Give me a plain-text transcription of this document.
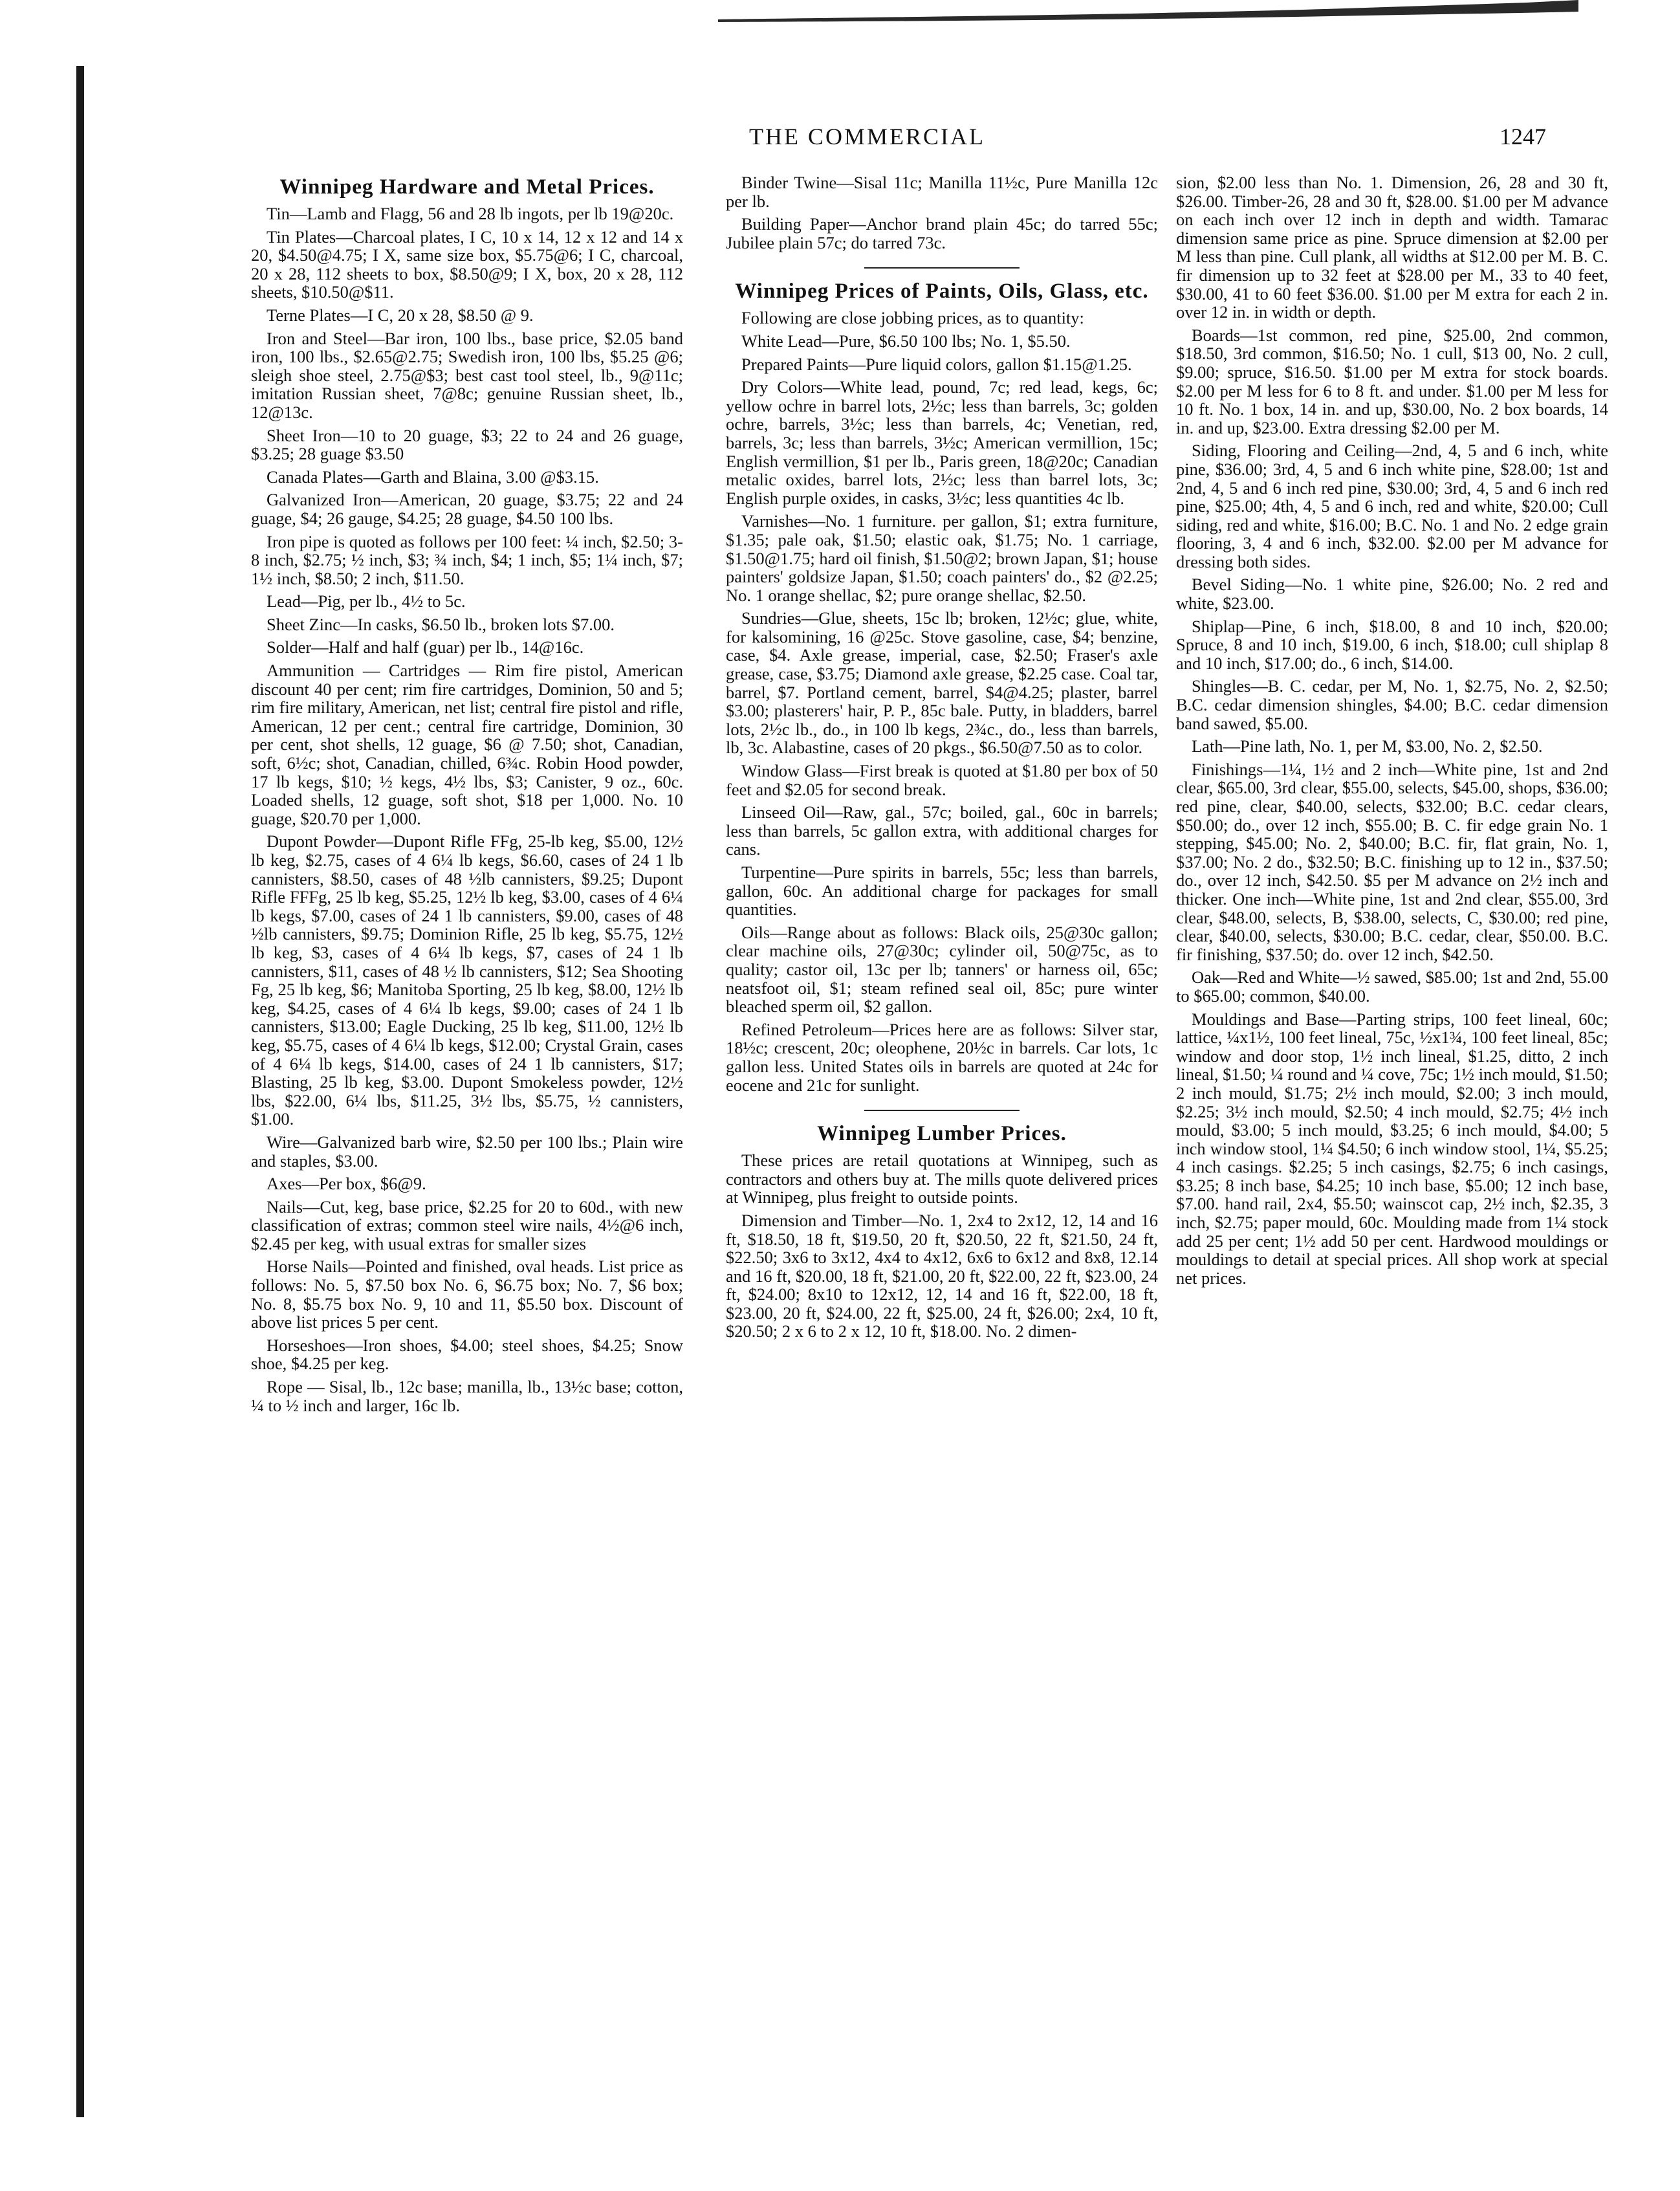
THE COMMERCIAL	1247
Winnipeg Hardware and Metal Prices.

Tin—Lamb and Flagg, 56 and 28 lb ingots, per lb 19@20c.

Tin Plates—Charcoal plates, I C, 10 x 14, 12 x 12 and 14 x 20, $4.50@4.75; I X, same size box, $5.75@6; I C, charcoal, 20 x 28, 112 sheets to box, $8.50@9; I X, box, 20 x 28, 112 sheets, $10.50@$11.

Terne Plates—I C, 20 x 28, $8.50 @ 9.

Iron and Steel—Bar iron, 100 lbs., base price, $2.05 band iron, 100 lbs., $2.65@2.75; Swedish iron, 100 lbs, $5.25 @6; sleigh shoe steel, 2.75@$3; best cast tool steel, lb., 9@11c; imitation Russian sheet, 7@8c; genuine Russian sheet, lb., 12@13c.

Sheet Iron—10 to 20 guage, $3; 22 to 24 and 26 guage, $3.25; 28 guage $3.50

Canada Plates—Garth and Blaina, 3.00 @$3.15.

Galvanized Iron—American, 20 guage, $3.75; 22 and 24 guage, $4; 26 gauge, $4.25; 28 guage, $4.50 100 lbs.

Iron pipe is quoted as follows per 100 feet: ¼ inch, $2.50; 3-8 inch, $2.75; ½ inch, $3; ¾ inch, $4; 1 inch, $5; 1¼ inch, $7; 1½ inch, $8.50; 2 inch, $11.50.

Lead—Pig, per lb., 4½ to 5c.

Sheet Zinc—In casks, $6.50 lb., broken lots $7.00.

Solder—Half and half (guar) per lb., 14@16c.

Ammunition — Cartridges — Rim fire pistol, American discount 40 per cent; rim fire cartridges, Dominion, 50 and 5; rim fire military, American, net list; central fire pistol and rifle, American, 12 per cent.; central fire cartridge, Dominion, 30 per cent, shot shells, 12 guage, $6 @ 7.50; shot, Canadian, soft, 6½c; shot, Canadian, chilled, 6¾c. Robin Hood powder, 17 lb kegs, $10; ½ kegs, 4½ lbs, $3; Canister, 9 oz., 60c. Loaded shells, 12 guage, soft shot, $18 per 1,000. No. 10 guage, $20.70 per 1,000.

Dupont Powder—Dupont Rifle FFg, 25-lb keg, $5.00, 12½ lb keg, $2.75, cases of 4 6¼ lb kegs, $6.60, cases of 24 1 lb cannisters, $8.50, cases of 48 ½lb cannisters, $9.25; Dupont Rifle FFFg, 25 lb keg, $5.25, 12½ lb keg, $3.00, cases of 4 6¼ lb kegs, $7.00, cases of 24 1 lb cannisters, $9.00, cases of 48 ½lb cannisters, $9.75; Dominion Rifle, 25 lb keg, $5.75, 12½ lb keg, $3, cases of 4 6¼ lb kegs, $7, cases of 24 1 lb cannisters, $11, cases of 48 ½ lb cannisters, $12; Sea Shooting Fg, 25 lb keg, $6; Manitoba Sporting, 25 lb keg, $8.00, 12½ lb keg, $4.25, cases of 4 6¼ lb kegs, $9.00; cases of 24 1 lb cannisters, $13.00; Eagle Ducking, 25 lb keg, $11.00, 12½ lb keg, $5.75, cases of 4 6¼ lb kegs, $12.00; Crystal Grain, cases of 4 6¼ lb kegs, $14.00, cases of 24 1 lb cannisters, $17; Blasting, 25 lb keg, $3.00. Dupont Smokeless powder, 12½ lbs, $22.00, 6¼ lbs, $11.25, 3½ lbs, $5.75, ½ cannisters, $1.00.

Wire—Galvanized barb wire, $2.50 per 100 lbs.; Plain wire and staples, $3.00.

Axes—Per box, $6@9.

Nails—Cut, keg, base price, $2.25 for 20 to 60d., with new classification of extras; common steel wire nails, 4½@6 inch, $2.45 per keg, with usual extras for smaller sizes

Horse Nails—Pointed and finished, oval heads. List price as follows: No. 5, $7.50 box No. 6, $6.75 box; No. 7, $6 box; No. 8, $5.75 box No. 9, 10 and 11, $5.50 box. Discount of above list prices 5 per cent.

Horseshoes—Iron shoes, $4.00; steel shoes, $4.25; Snow shoe, $4.25 per keg.

Rope — Sisal, lb., 12c base; manilla, lb., 13½c base; cotton, ¼ to ½ inch and larger, 16c lb.

Binder Twine—Sisal 11c; Manilla 11½c, Pure Manilla 12c per lb.

Building Paper—Anchor brand plain 45c; do tarred 55c; Jubilee plain 57c; do tarred 73c.

Winnipeg Prices of Paints, Oils, Glass, etc.

Following are close jobbing prices, as to quantity:

White Lead—Pure, $6.50 100 lbs; No. 1, $5.50.

Prepared Paints—Pure liquid colors, gallon $1.15@1.25.

Dry Colors—White lead, pound, 7c; red lead, kegs, 6c; yellow ochre in barrel lots, 2½c; less than barrels, 3c; golden ochre, barrels, 3½c; less than barrels, 4c; Venetian, red, barrels, 3c; less than barrels, 3½c; American vermillion, 15c; English vermillion, $1 per lb., Paris green, 18@20c; Canadian metalic oxides, barrel lots, 2½c; less than barrel lots, 3c; English purple oxides, in casks, 3½c; less quantities 4c lb.

Varnishes—No. 1 furniture. per gallon, $1; extra furniture, $1.35; pale oak, $1.50; elastic oak, $1.75; No. 1 carriage, $1.50@1.75; hard oil finish, $1.50@2; brown Japan, $1; house painters' goldsize Japan, $1.50; coach painters' do., $2 @2.25; No. 1 orange shellac, $2; pure orange shellac, $2.50.

Sundries—Glue, sheets, 15c lb; broken, 12½c; glue, white, for kalsomining, 16 @25c. Stove gasoline, case, $4; benzine, case, $4. Axle grease, imperial, case, $2.50; Fraser's axle grease, case, $3.75; Diamond axle grease, $2.25 case. Coal tar, barrel, $7. Portland cement, barrel, $4@4.25; plaster, barrel $3.00; plasterers' hair, P. P., 85c bale. Putty, in bladders, barrel lots, 2½c lb., do., in 100 lb kegs, 2¾c., do., less than barrels, lb, 3c. Alabastine, cases of 20 pkgs., $6.50@7.50 as to color.

Window Glass—First break is quoted at $1.80 per box of 50 feet and $2.05 for second break.

Linseed Oil—Raw, gal., 57c; boiled, gal., 60c in barrels; less than barrels, 5c gallon extra, with additional charges for cans.

Turpentine—Pure spirits in barrels, 55c; less than barrels, gallon, 60c. An additional charge for packages for small quantities.

Oils—Range about as follows: Black oils, 25@30c gallon; clear machine oils, 27@30c; cylinder oil, 50@75c, as to quality; castor oil, 13c per lb; tanners' or harness oil, 65c; neatsfoot oil, $1; steam refined seal oil, 85c; pure winter bleached sperm oil, $2 gallon.

Refined Petroleum—Prices here are as follows: Silver star, 18½c; crescent, 20c; oleophene, 20½c in barrels. Car lots, 1c gallon less. United States oils in barrels are quoted at 24c for eocene and 21c for sunlight.

Winnipeg Lumber Prices.

These prices are retail quotations at Winnipeg, such as contractors and others buy at. The mills quote delivered prices at Winnipeg, plus freight to outside points.

Dimension and Timber—No. 1, 2x4 to 2x12, 12, 14 and 16 ft, $18.50, 18 ft, $19.50, 20 ft, $20.50, 22 ft, $21.50, 24 ft, $22.50; 3x6 to 3x12, 4x4 to 4x12, 6x6 to 6x12 and 8x8, 12.14 and 16 ft, $20.00, 18 ft, $21.00, 20 ft, $22.00, 22 ft, $23.00, 24 ft, $24.00; 8x10 to 12x12, 12, 14 and 16 ft, $22.00, 18 ft, $23.00, 20 ft, $24.00, 22 ft, $25.00, 24 ft, $26.00; 2x4, 10 ft, $20.50; 2 x 6 to 2 x 12, 10 ft, $18.00. No. 2 dimen-

sion, $2.00 less than No. 1. Dimension, 26, 28 and 30 ft, $26.00. Timber-26, 28 and 30 ft, $28.00. $1.00 per M advance on each inch over 12 inch in depth and width. Tamarac dimension same price as pine. Spruce dimension at $2.00 per M less than pine. Cull plank, all widths at $12.00 per M. B. C. fir dimension up to 32 feet at $28.00 per M., 33 to 40 feet, $30.00, 41 to 60 feet $36.00. $1.00 per M extra for each 2 in. over 12 in. in width or depth.

Boards—1st common, red pine, $25.00, 2nd common, $18.50, 3rd common, $16.50; No. 1 cull, $13 00, No. 2 cull, $9.00; spruce, $16.50. $1.00 per M extra for stock boards. $2.00 per M less for 6 to 8 ft. and under. $1.00 per M less for 10 ft. No. 1 box, 14 in. and up, $30.00, No. 2 box boards, 14 in. and up, $23.00. Extra dressing $2.00 per M.

Siding, Flooring and Ceiling—2nd, 4, 5 and 6 inch, white pine, $36.00; 3rd, 4, 5 and 6 inch white pine, $28.00; 1st and 2nd, 4, 5 and 6 inch red pine, $30.00; 3rd, 4, 5 and 6 inch red pine, $25.00; 4th, 4, 5 and 6 inch, red and white, $20.00; Cull siding, red and white, $16.00; B.C. No. 1 and No. 2 edge grain flooring, 3, 4 and 6 inch, $32.00. $2.00 per M advance for dressing both sides.

Bevel Siding—No. 1 white pine, $26.00; No. 2 red and white, $23.00.

Shiplap—Pine, 6 inch, $18.00, 8 and 10 inch, $20.00; Spruce, 8 and 10 inch, $19.00, 6 inch, $18.00; cull shiplap 8 and 10 inch, $17.00; do., 6 inch, $14.00.

Shingles—B. C. cedar, per M, No. 1, $2.75, No. 2, $2.50; B.C. cedar dimension shingles, $4.00; B.C. cedar dimension band sawed, $5.00.

Lath—Pine lath, No. 1, per M, $3.00, No. 2, $2.50.

Finishings—1¼, 1½ and 2 inch—White pine, 1st and 2nd clear, $65.00, 3rd clear, $55.00, selects, $45.00, shops, $36.00; red pine, clear, $40.00, selects, $32.00; B.C. cedar clears, $50.00; do., over 12 inch, $55.00; B. C. fir edge grain No. 1 stepping, $45.00; No. 2, $40.00; B.C. fir, flat grain, No. 1, $37.00; No. 2 do., $32.50; B.C. finishing up to 12 in., $37.50; do., over 12 inch, $42.50. $5 per M advance on 2½ inch and thicker. One inch—White pine, 1st and 2nd clear, $55.00, 3rd clear, $48.00, selects, B, $38.00, selects, C, $30.00; red pine, clear, $40.00, selects, $30.00; B.C. cedar, clear, $50.00. B.C. fir finishing, $37.50; do. over 12 inch, $42.50.

Oak—Red and White—½ sawed, $85.00; 1st and 2nd, 55.00 to $65.00; common, $40.00.

Mouldings and Base—Parting strips, 100 feet lineal, 60c; lattice, ¼x1½, 100 feet lineal, 75c, ½x1¾, 100 feet lineal, 85c; window and door stop, 1½ inch lineal, $1.25, ditto, 2 inch lineal, $1.50; ¼ round and ¼ cove, 75c; 1½ inch mould, $1.50; 2 inch mould, $1.75; 2½ inch mould, $2.00; 3 inch mould, $2.25; 3½ inch mould, $2.50; 4 inch mould, $2.75; 4½ inch mould, $3.00; 5 inch mould, $3.25; 6 inch mould, $4.00; 5 inch window stool, 1¼ $4.50; 6 inch window stool, 1¼, $5.25; 4 inch casings. $2.25; 5 inch casings, $2.75; 6 inch casings, $3.25; 8 inch base, $4.25; 10 inch base, $5.00; 12 inch base, $7.00. hand rail, 2x4, $5.50; wainscot cap, 2½ inch, $2.35, 3 inch, $2.75; paper mould, 60c. Moulding made from 1¼ stock add 25 per cent; 1½ add 50 per cent. Hardwood mouldings or mouldings to detail at special prices. All shop work at special net prices.
